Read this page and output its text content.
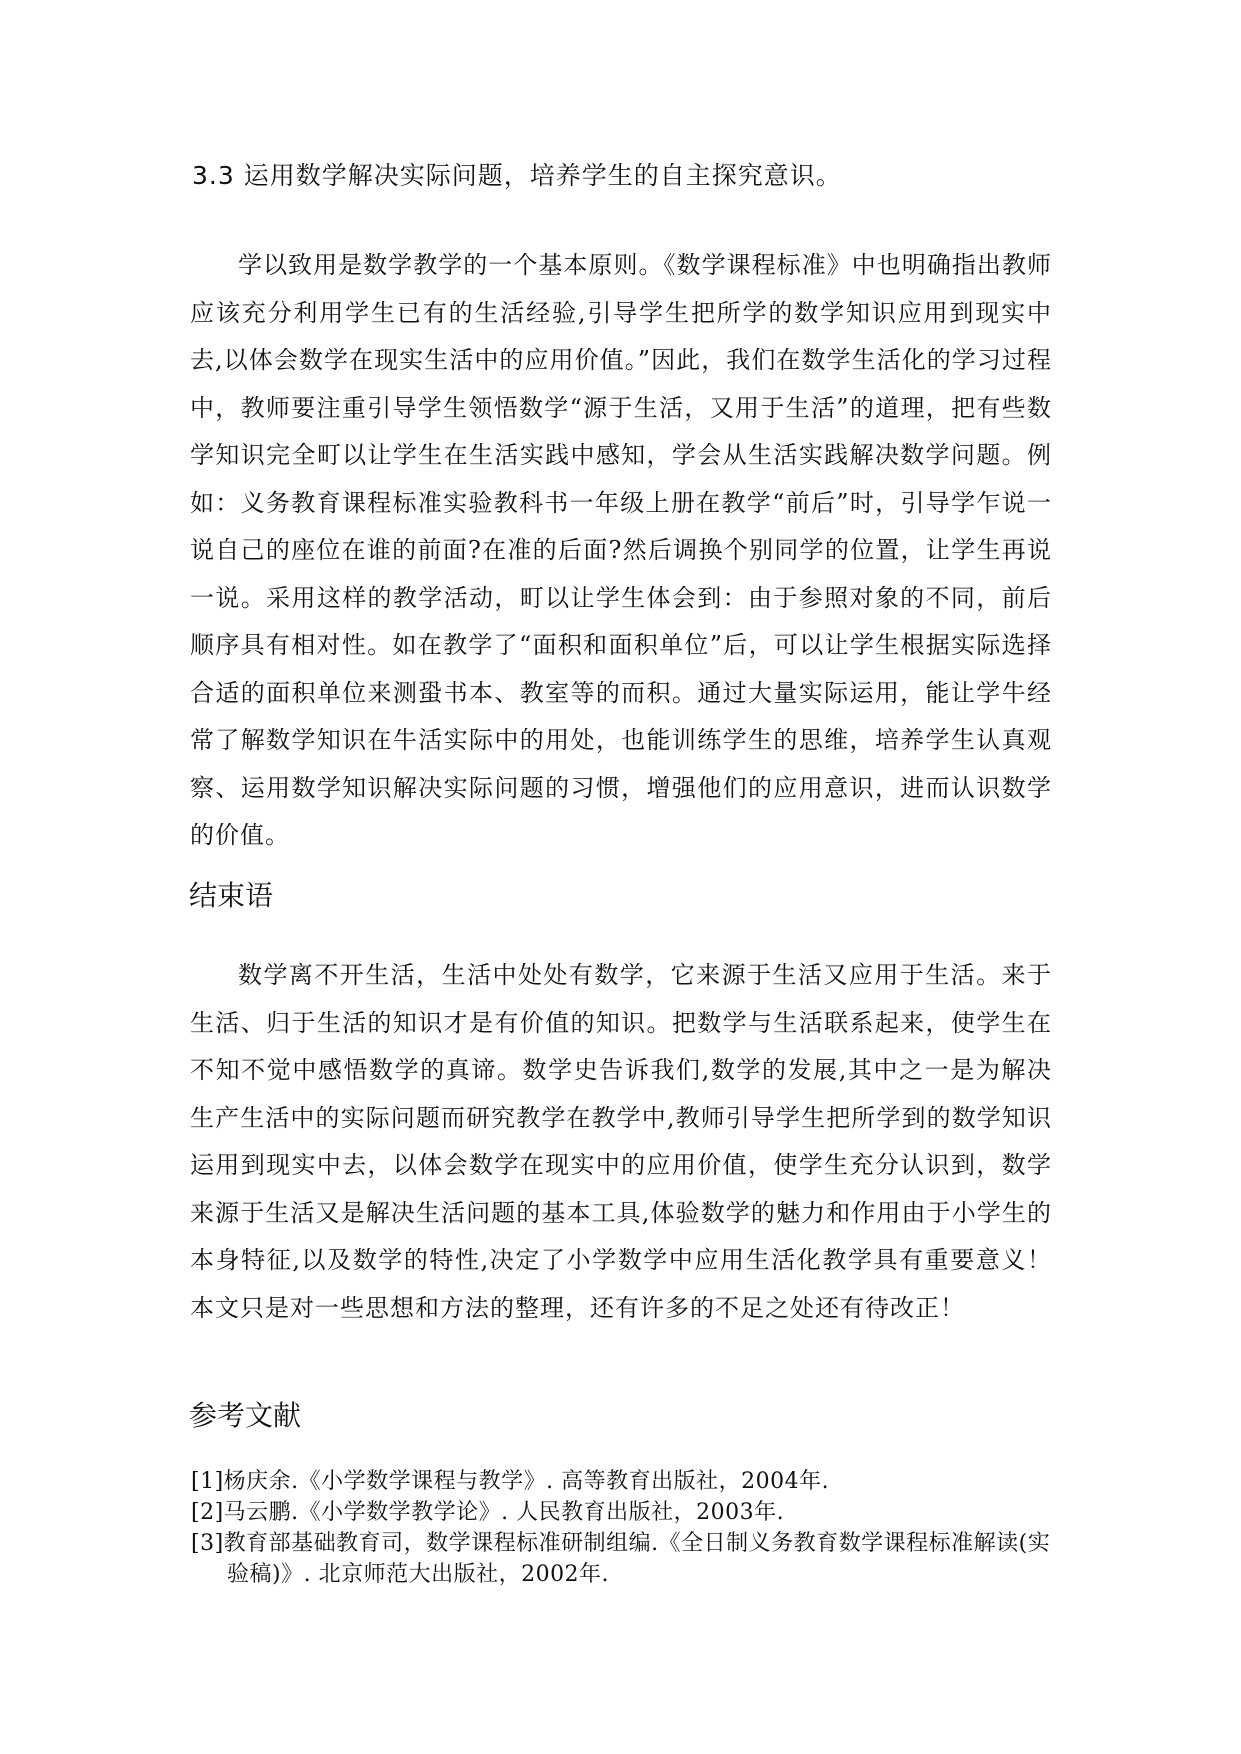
3.3 运用数学解决实际问题，培养学生的自主探究意识。

学以致用是数学教学的一个基本原则。《数学课程标准》中也明确指出教师应该充分利用学生已有的生活经验,引导学生把所学的数学知识应用到现实中去,以体会数学在现实生活中的应用价值。”因此，我们在数学生活化的学习过程中，教师要注重引导学生领悟数学“源于生活，又用于生活”的道理，把有些数学知识完全町以让学生在生活实践中感知，学会从生活实践解决数学问题。例如：义务教育课程标准实验教科书一年级上册在教学“前后”时，引导学乍说一说自己的座位在谁的前面?在准的后面?然后调换个别同学的位置，让学生再说一说。采用这样的教学活动，町以让学生体会到：由于参照对象的不同，前后顺序具有相对性。如在教学了“面积和面积单位”后，可以让学生根据实际选择合适的面积单位来测蛩书本、教室等的而积。通过大量实际运用，能让学牛经常了解数学知识在牛活实际中的用处，也能训练学生的思维，培养学生认真观察、运用数学知识解决实际问题的习惯，增强他们的应用意识，进而认识数学的价值。

结束语

数学离不开生活，生活中处处有数学，它来源于生活又应用于生活。来于生活、归于生活的知识才是有价值的知识。把数学与生活联系起来，使学生在不知不觉中感悟数学的真谛。数学史告诉我们,数学的发展,其中之一是为解决生产生活中的实际问题而研究教学在教学中,教师引导学生把所学到的数学知识运用到现实中去，以体会数学在现实中的应用价值，使学生充分认识到，数学来源于生活又是解决生活问题的基本工具,体验数学的魅力和作用由于小学生的本身特征,以及数学的特性,决定了小学数学中应用生活化教学具有重要意义！本文只是对一些思想和方法的整理，还有许多的不足之处还有待改正！

参考文献
[1]杨庆余.《小学数学课程与教学》. 高等教育出版社，2004年.
[2]马云鹏.《小学数学教学论》. 人民教育出版社，2003年.
[3]教育部基础教育司，数学课程标准研制组编.《全日制义务教育数学课程标准解读(实验稿)》. 北京师范大出版社，2002年.
